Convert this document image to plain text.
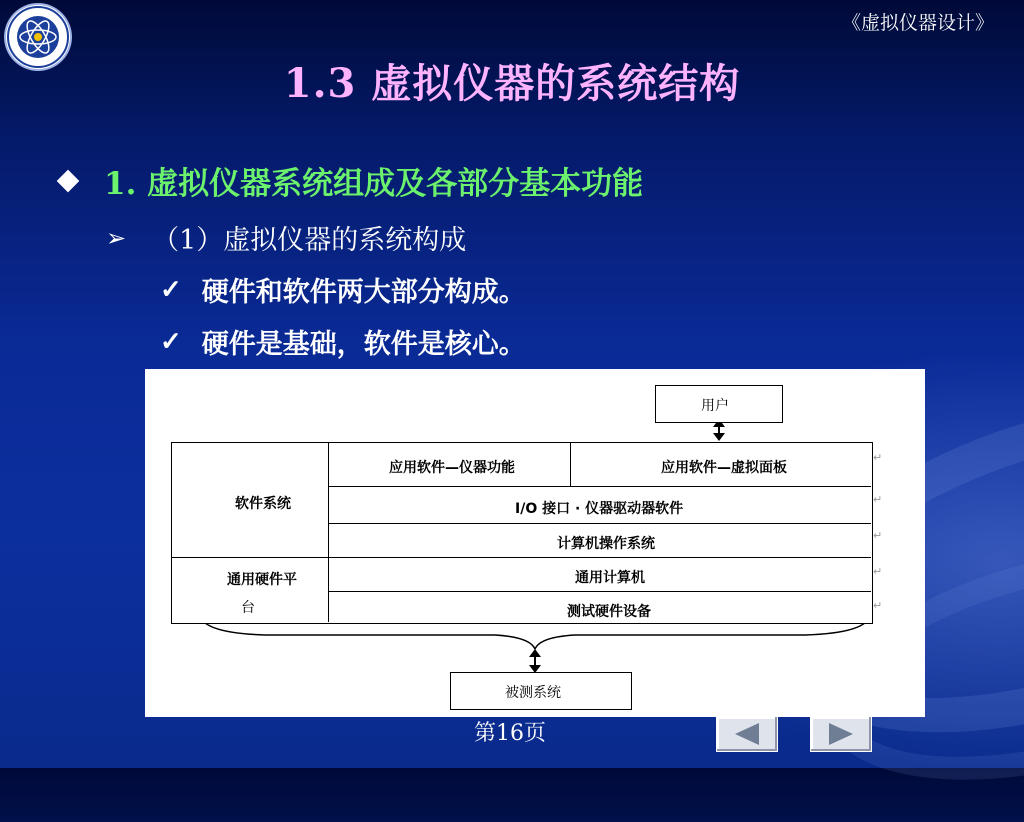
《虚拟仪器设计》
1.3 虚拟仪器的系统结构
1. 虚拟仪器系统组成及各部分基本功能
➢ （1）虚拟仪器的系统构成
✓ 硬件和软件两大部分构成。
✓ 硬件是基础，软件是核心。
用户
软件系统
通用硬件平
台
应用软件—仪器功能	应用软件—虚拟面板
I/O 接口 · 仪器驱动器软件
计算机操作系统
通用计算机
测试硬件设备
被测系统
↵
↵
↵
↵
↵
第16页
